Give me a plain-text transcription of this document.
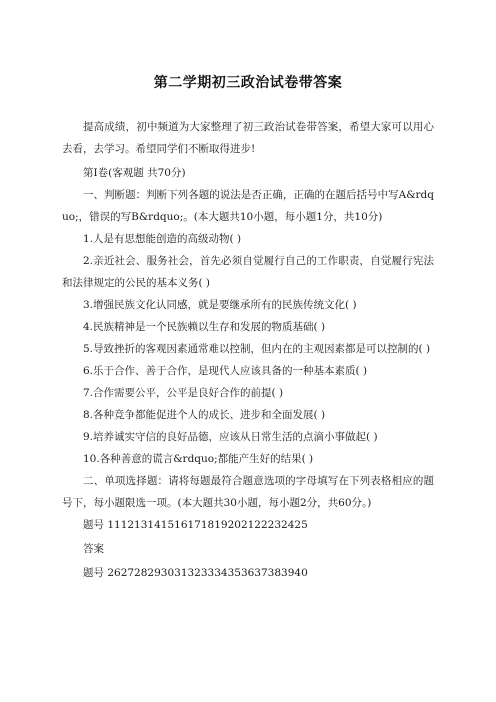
第二学期初三政治试卷带答案

提高成绩，初中频道为大家整理了初三政治试卷带答案，希望大家可以用心去看，去学习。希望同学们不断取得进步!

第Ⅰ卷(客观题 共70分)

一、判断题：判断下列各题的说法是否正确，正确的在题后括号中写A&rdquo;，错误的写B&rdquo;。(本大题共10小题，每小题1分，共10分)

1.人是有思想能创造的高级动物( )

2.亲近社会、服务社会，首先必须自觉履行自己的工作职责，自觉履行宪法和法律规定的公民的基本义务( )

3.增强民族文化认同感，就是要继承所有的民族传统文化( )

4.民族精神是一个民族赖以生存和发展的物质基础( )

5.导致挫折的客观因素通常难以控制，但内在的主观因素都是可以控制的( )

6.乐于合作、善于合作，是现代人应该具备的一种基本素质( )

7.合作需要公平，公平是良好合作的前提( )

8.各种竞争都能促进个人的成长、进步和全面发展( )

9.培养诚实守信的良好品德，应该从日常生活的点滴小事做起( )

10.各种善意的谎言&rdquo;都能产生好的结果( )

二、单项选择题：请将每题最符合题意选项的字母填写在下列表格相应的题号下，每小题限选一项。(本大题共30小题，每小题2分，共60分。)

题号 111213141516171819202122232425

答案

题号 262728293031323334353637383940
